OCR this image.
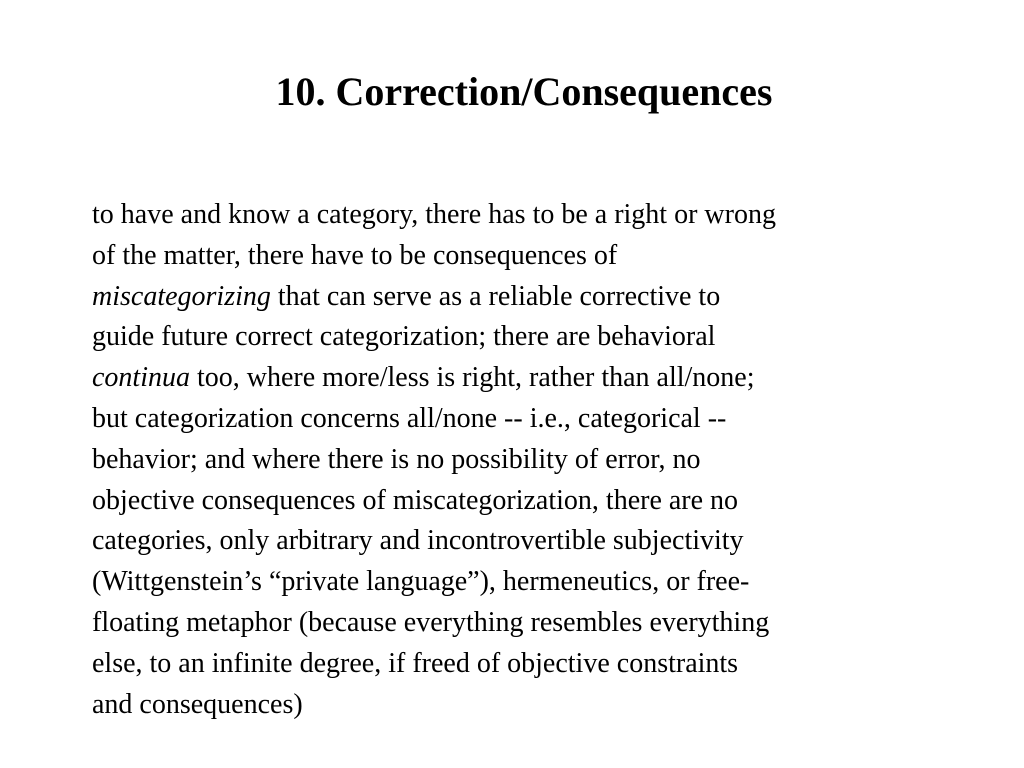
10. Correction/Consequences
to have and know a category, there has to be a right or wrong
of the matter, there have to be consequences of
miscategorizing that can serve as a reliable corrective to
guide future correct categorization; there are behavioral
continua too, where more/less is right, rather than all/none;
but categorization concerns all/none -- i.e., categorical --
behavior; and where there is no possibility of error, no
objective consequences of miscategorization, there are no
categories, only arbitrary and incontrovertible subjectivity
(Wittgenstein’s “private language”), hermeneutics, or free-
floating metaphor (because everything resembles everything
else, to an infinite degree, if freed of objective constraints
and consequences)
